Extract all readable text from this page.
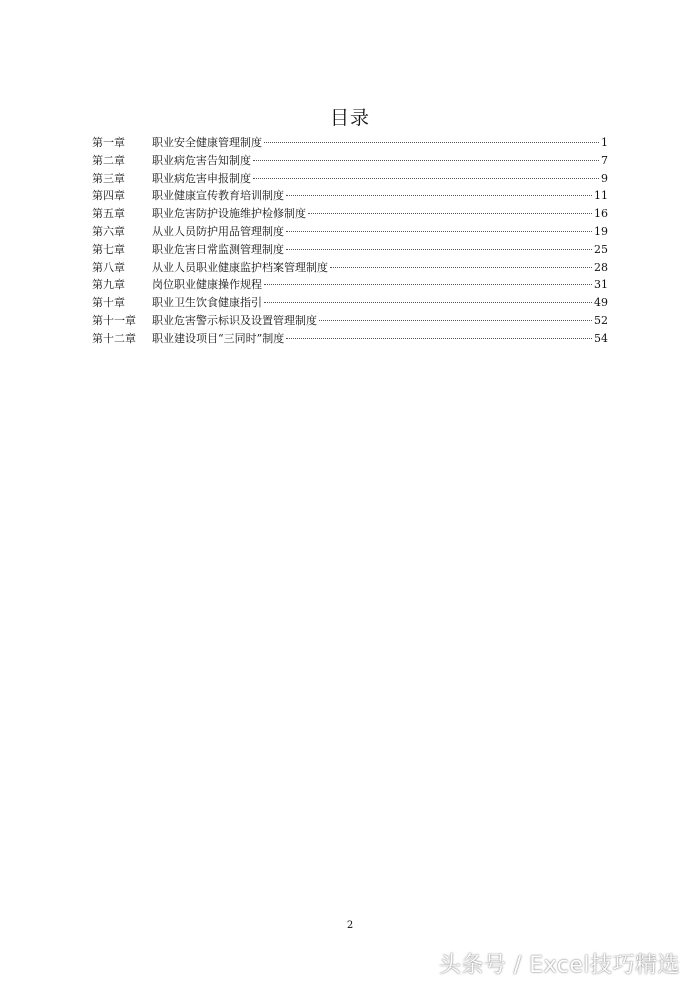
目录
第一章	职业安全健康管理制度	1
第二章	职业病危害告知制度	7
第三章	职业病危害申报制度	9
第四章	职业健康宣传教育培训制度	11
第五章	职业危害防护设施维护检修制度	16
第六章	从业人员防护用品管理制度	19
第七章	职业危害日常监测管理制度	25
第八章	从业人员职业健康监护档案管理制度	28
第九章	岗位职业健康操作规程	31
第十章	职业卫生饮食健康指引	49
第十一章	职业危害警示标识及设置管理制度	52
第十二章	职业建设项目“三同时”制度	54
2
头条号 / Excel技巧精选
